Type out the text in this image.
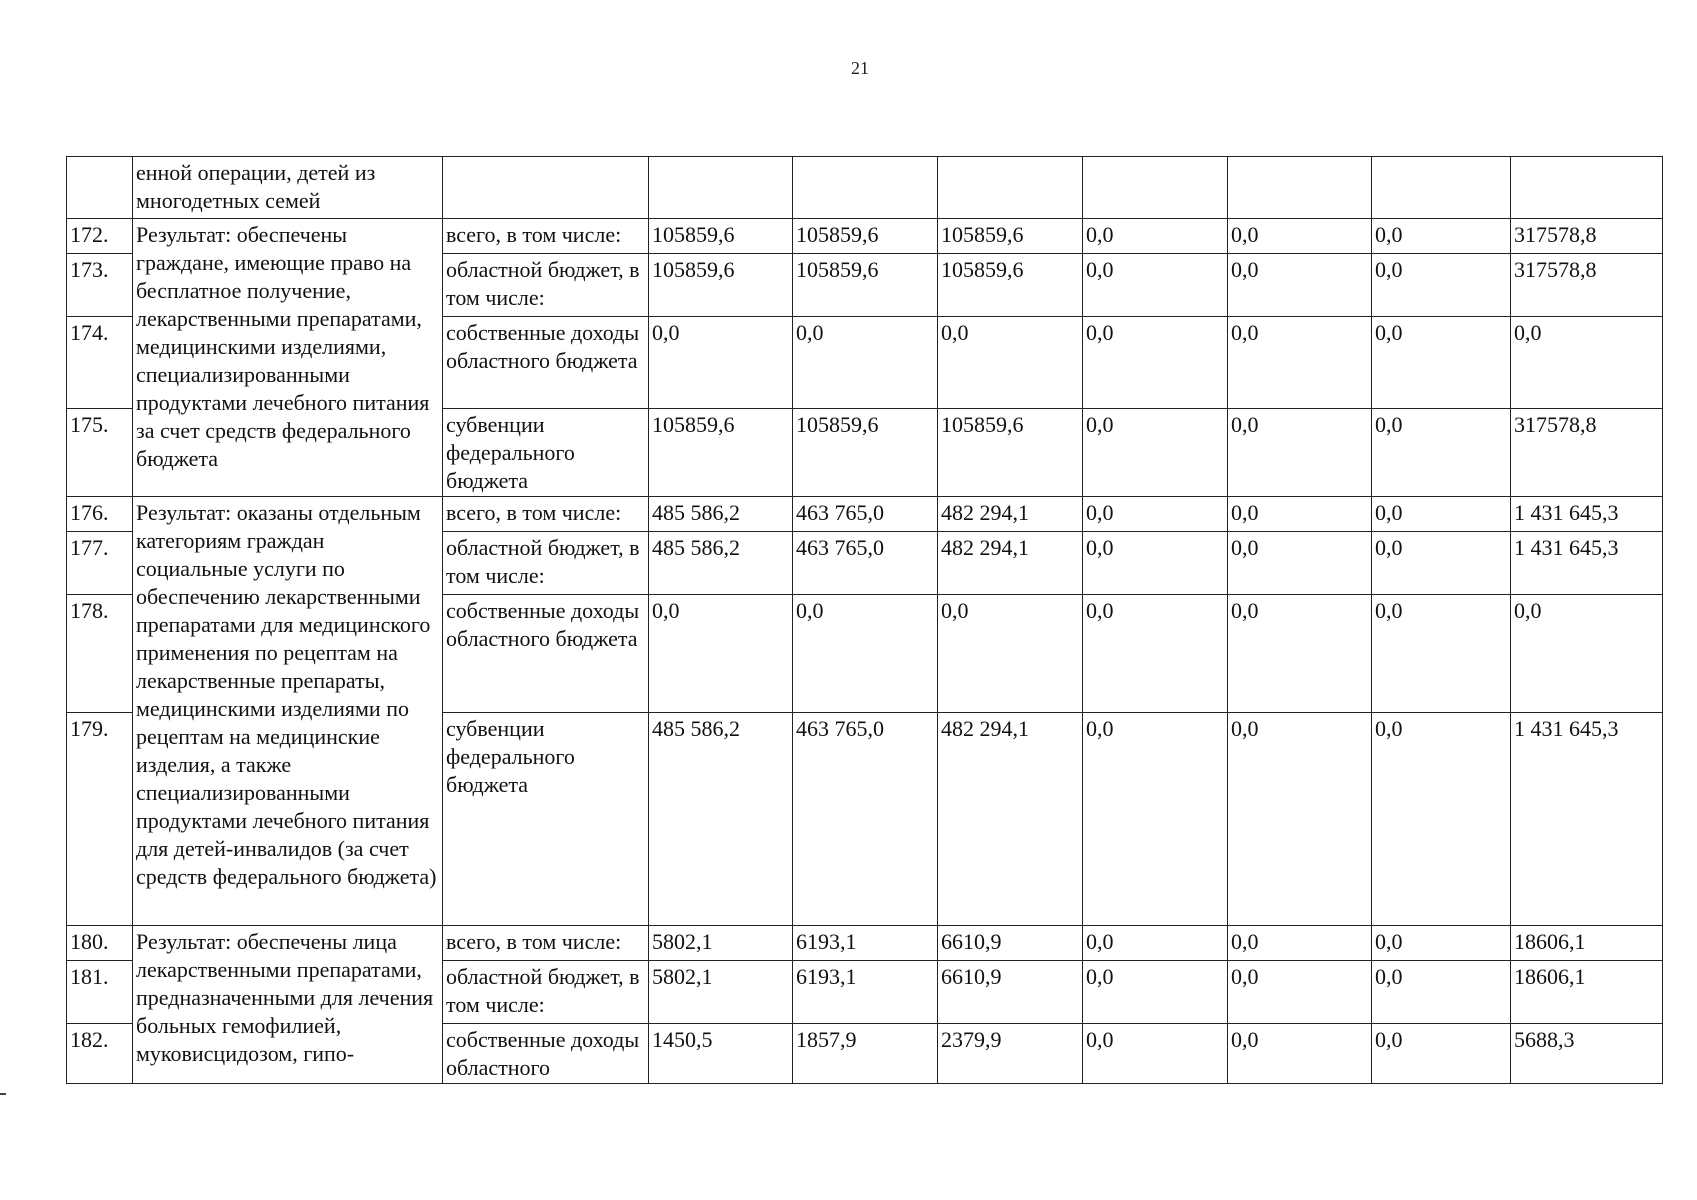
21
	енной операции, детей из многодетных семей								
172.	Результат: обеспечены граждане, имеющие право на бесплатное получение, лекарственными препаратами, медицинскими изделиями, специализированными продуктами лечебного питания за счет средств федерального бюджета	всего, в том числе:	105859,6	105859,6	105859,6	0,0	0,0	0,0	317578,8
173.		областной бюджет, в том числе:	105859,6	105859,6	105859,6	0,0	0,0	0,0	317578,8
174.		собственные доходы областного бюджета	0,0	0,0	0,0	0,0	0,0	0,0	0,0
175.		субвенции федерального бюджета	105859,6	105859,6	105859,6	0,0	0,0	0,0	317578,8
176.	Результат: оказаны отдельным категориям граждан социальные услуги по обеспечению лекарственными препаратами для медицинского применения по рецептам на лекарственные препараты, медицинскими изделиями по рецептам на медицинские изделия, а также специализированными продуктами лечебного питания для детей-инвалидов (за счет средств федерального бюджета)	всего, в том числе:	485 586,2	463 765,0	482 294,1	0,0	0,0	0,0	1 431 645,3
177.		областной бюджет, в том числе:	485 586,2	463 765,0	482 294,1	0,0	0,0	0,0	1 431 645,3
178.		собственные доходы областного бюджета	0,0	0,0	0,0	0,0	0,0	0,0	0,0
179.		субвенции федерального бюджета	485 586,2	463 765,0	482 294,1	0,0	0,0	0,0	1 431 645,3
180.	Результат: обеспечены лица лекарственными препаратами, предназначенными для лечения больных гемофилией, муковисцидозом, гипо-	всего, в том числе:	5802,1	6193,1	6610,9	0,0	0,0	0,0	18606,1
181.		областной бюджет, в том числе:	5802,1	6193,1	6610,9	0,0	0,0	0,0	18606,1
182.		собственные доходы областного	1450,5	1857,9	2379,9	0,0	0,0	0,0	5688,3
